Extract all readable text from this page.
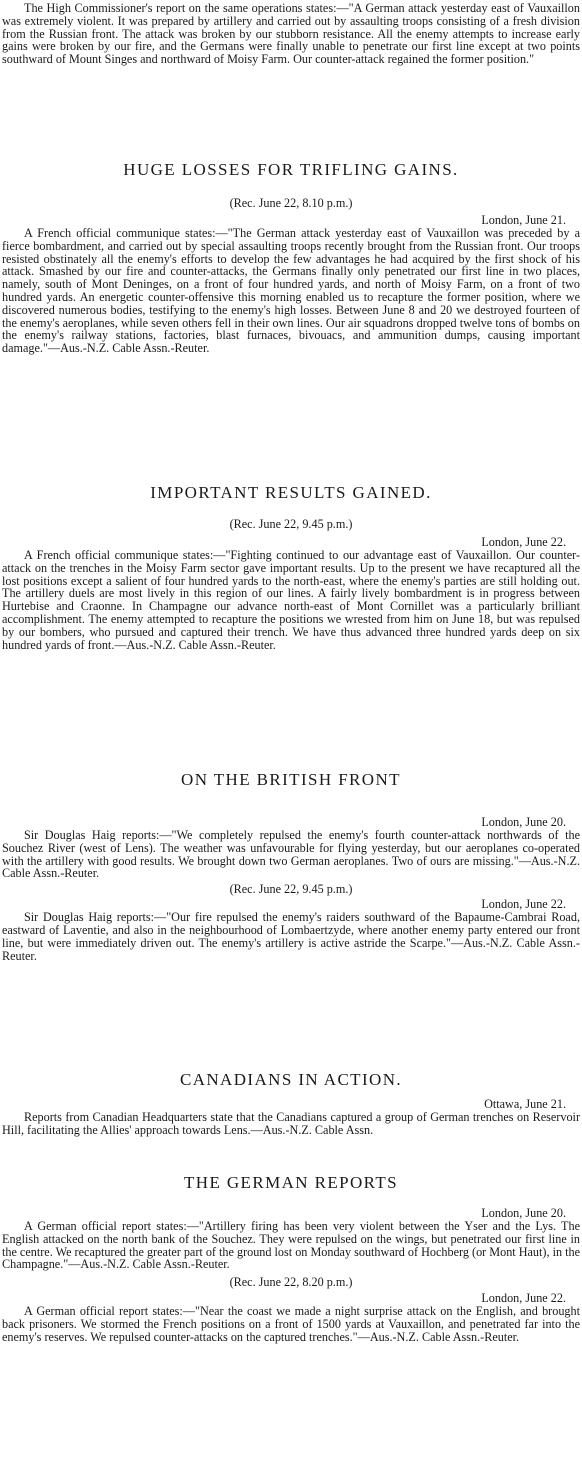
The High Commissioner's report on the same operations states:—"A German attack yesterday east of Vauxaillon was extremely violent. It was prepared by artillery and carried out by assaulting troops consisting of a fresh division from the Russian front. The attack was broken by our stubborn resistance. All the enemy attempts to increase early gains were broken by our fire, and the Germans were finally unable to penetrate our first line except at two points southward of Mount Singes and northward of Moisy Farm. Our counter-attack regained the former position."

HUGE LOSSES FOR TRIFLING GAINS.
(Rec. June 22, 8.10 p.m.)
London, June 21.

A French official communique states:—"The German attack yesterday east of Vauxaillon was preceded by a fierce bombardment, and carried out by special assaulting troops recently brought from the Russian front. Our troops resisted obstinately all the enemy's efforts to develop the few advantages he had acquired by the first shock of his attack. Smashed by our fire and counter-attacks, the Germans finally only penetrated our first line in two places, namely, south of Mont Deninges, on a front of four hundred yards, and north of Moisy Farm, on a front of two hundred yards. An energetic counter-offensive this morning enabled us to recapture the former position, where we discovered numerous bodies, testifying to the enemy's high losses. Between June 8 and 20 we destroyed fourteen of the enemy's aeroplanes, while seven others fell in their own lines. Our air squadrons dropped twelve tons of bombs on the enemy's railway stations, factories, blast furnaces, bivouacs, and ammunition dumps, causing important damage."—Aus.-N.Z. Cable Assn.-Reuter.

IMPORTANT RESULTS GAINED.
(Rec. June 22, 9.45 p.m.)
London, June 22.

A French official communique states:—"Fighting continued to our advantage east of Vauxaillon. Our counter-attack on the trenches in the Moisy Farm sector gave important results. Up to the present we have recaptured all the lost positions except a salient of four hundred yards to the north-east, where the enemy's parties are still holding out. The artillery duels are most lively in this region of our lines. A fairly lively bombardment is in progress between Hurtebise and Craonne. In Champagne our advance north-east of Mont Cornillet was a particularly brilliant accomplishment. The enemy attempted to recapture the positions we wrested from him on June 18, but was repulsed by our bombers, who pursued and captured their trench. We have thus advanced three hundred yards deep on six hundred yards of front.—Aus.-N.Z. Cable Assn.-Reuter.

ON THE BRITISH FRONT
London, June 20.

Sir Douglas Haig reports:—"We completely repulsed the enemy's fourth counter-attack northwards of the Souchez River (west of Lens). The weather was unfavourable for flying yesterday, but our aeroplanes co-operated with the artillery with good results. We brought down two German aeroplanes. Two of ours are missing."—Aus.-N.Z. Cable Assn.-Reuter.

(Rec. June 22, 9.45 p.m.)
London, June 22.

Sir Douglas Haig reports:—"Our fire repulsed the enemy's raiders southward of the Bapaume-Cambrai Road, eastward of Laventie, and also in the neighbourhood of Lombaertzyde, where another enemy party entered our front line, but were immediately driven out. The enemy's artillery is active astride the Scarpe."—Aus.-N.Z. Cable Assn.-Reuter.

CANADIANS IN ACTION.
Ottawa, June 21.

Reports from Canadian Headquarters state that the Canadians captured a group of German trenches on Reservoir Hill, facilitating the Allies' approach towards Lens.—Aus.-N.Z. Cable Assn.

THE GERMAN REPORTS
London, June 20.

A German official report states:—"Artillery firing has been very violent between the Yser and the Lys. The English attacked on the north bank of the Souchez. They were repulsed on the wings, but penetrated our first line in the centre. We recaptured the greater part of the ground lost on Monday southward of Hochberg (or Mont Haut), in the Champagne."—Aus.-N.Z. Cable Assn.-Reuter.

(Rec. June 22, 8.20 p.m.)
London, June 22.

A German official report states:—"Near the coast we made a night surprise attack on the English, and brought back prisoners. We stormed the French positions on a front of 1500 yards at Vauxaillon, and penetrated far into the enemy's reserves. We repulsed counter-attacks on the captured trenches."—Aus.-N.Z. Cable Assn.-Reuter.
